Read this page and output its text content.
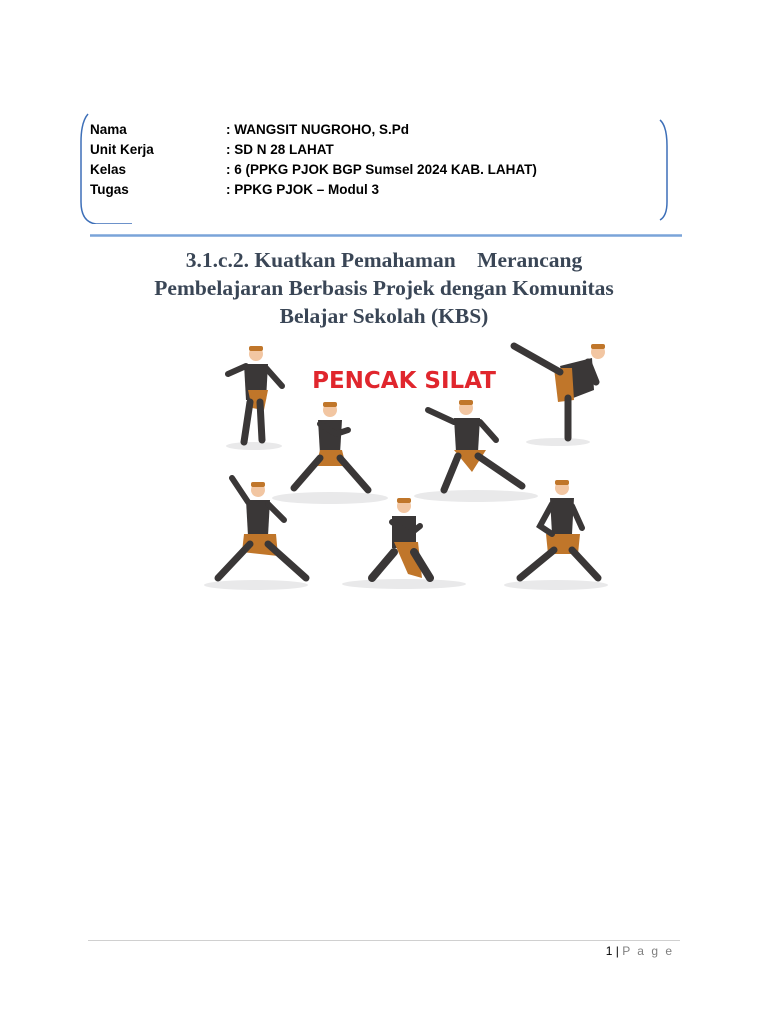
Nama	: WANGSIT NUGROHO, S.Pd
Unit Kerja	: SD N 28 LAHAT
Kelas	: 6 (PPKG PJOK BGP Sumsel 2024 KAB. LAHAT)
Tugas	: PPKG PJOK – Modul 3
3.1.c.2. Kuatkan Pemahaman    Merancang
Pembelajaran Berbasis Projek dengan Komunitas
Belajar Sekolah (KBS)
PENCAK SILAT
1 | P a g e
